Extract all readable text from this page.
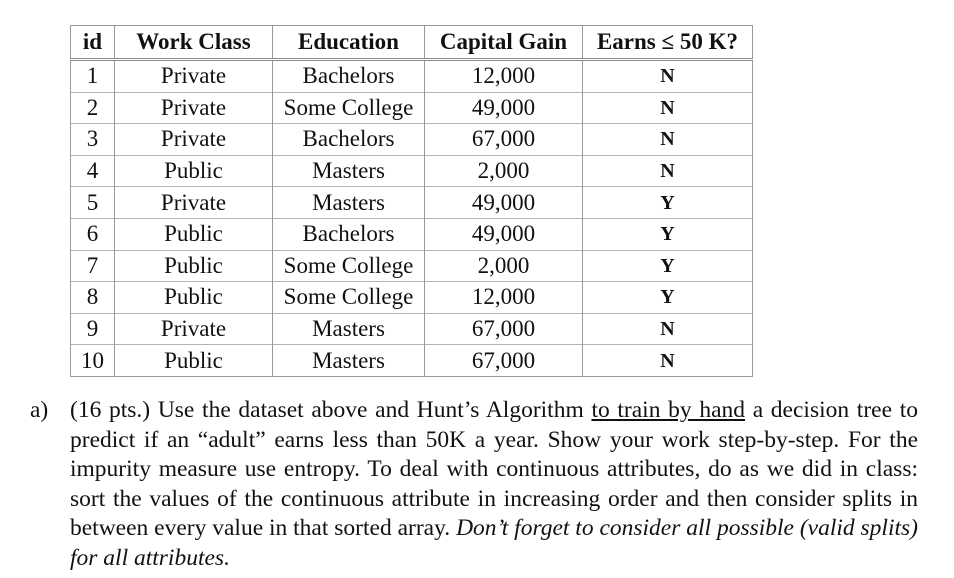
id	Work Class	Education	Capital Gain	Earns ≤ 50 K?
1	Private	Bachelors	12,000	N
2	Private	Some College	49,000	N
3	Private	Bachelors	67,000	N
4	Public	Masters	2,000	N
5	Private	Masters	49,000	Y
6	Public	Bachelors	49,000	Y
7	Public	Some College	2,000	Y
8	Public	Some College	12,000	Y
9	Private	Masters	67,000	N
10	Public	Masters	67,000	N
a) (16 pts.) Use the dataset above and Hunt’s Algorithm to train by hand a decision tree to predict if an “adult” earns less than 50K a year. Show your work step-by-step. For the impurity measure use entropy. To deal with continuous attributes, do as we did in class: sort the values of the continuous attribute in increasing order and then consider splits in between every value in that sorted array. Don’t forget to consider all possible (valid splits) for all attributes.
